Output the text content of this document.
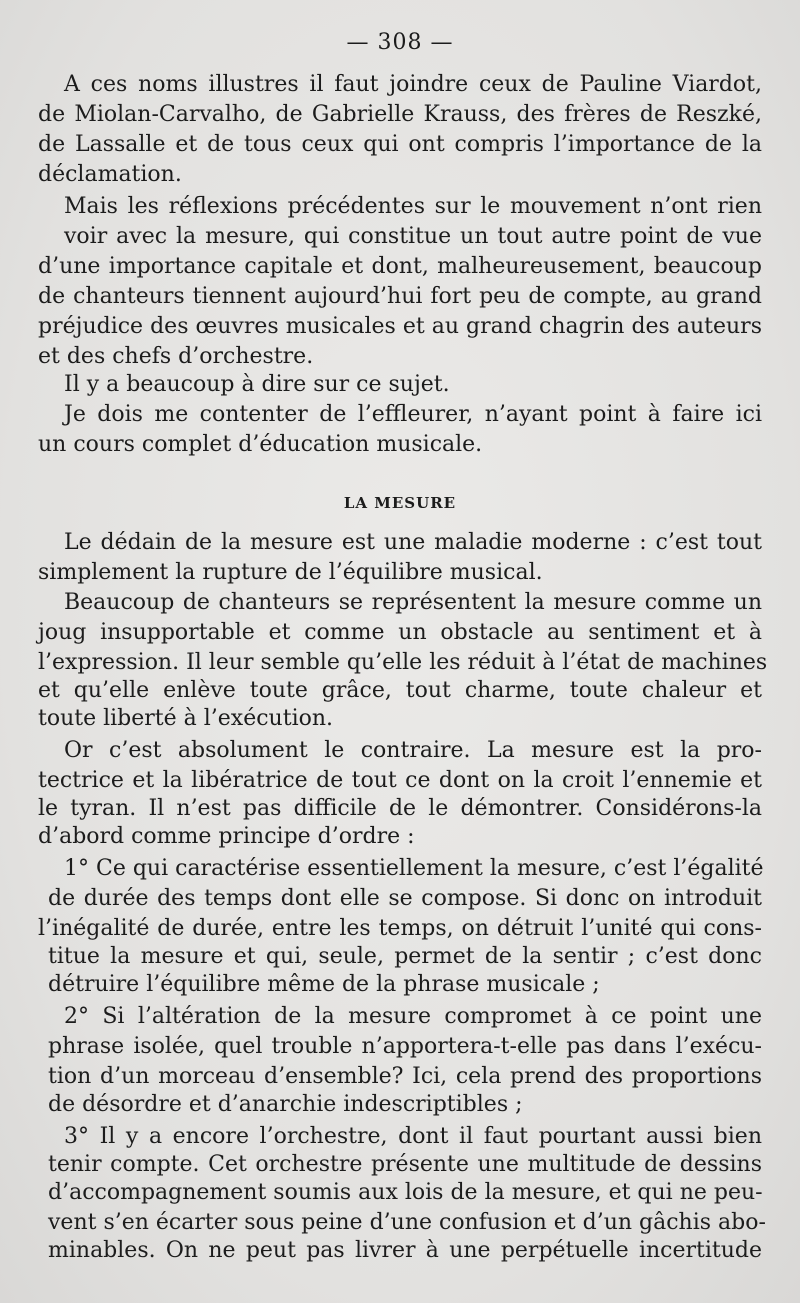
— 308 —
A ces noms illustres il faut joindre ceux de Pauline Viardot,
de Miolan-Carvalho, de Gabrielle Krauss, des frères de Reszké,
de Lassalle et de tous ceux qui ont compris l’importance de la
déclamation.
Mais les réflexions précédentes sur le mouvement n’ont rien
voir avec la mesure, qui constitue un tout autre point de vue
d’une importance capitale et dont, malheureusement, beaucoup
de chanteurs tiennent aujourd’hui fort peu de compte, au grand
préjudice des œuvres musicales et au grand chagrin des auteurs
et des chefs d’orchestre.
Il y a beaucoup à dire sur ce sujet.
Je dois me contenter de l’effleurer, n’ayant point à faire ici
un cours complet d’éducation musicale.
LA MESURE
Le dédain de la mesure est une maladie moderne : c’est tout
simplement la rupture de l’équilibre musical.
Beaucoup de chanteurs se représentent la mesure comme un
joug insupportable et comme un obstacle au sentiment et à
l’expression. Il leur semble qu’elle les réduit à l’état de machines
et qu’elle enlève toute grâce, tout charme, toute chaleur et
toute liberté à l’exécution.
Or c’est absolument le contraire. La mesure est la pro-
tectrice et la libératrice de tout ce dont on la croit l’ennemie et
le tyran. Il n’est pas difficile de le démontrer. Considérons-la
d’abord comme principe d’ordre :
1° Ce qui caractérise essentiellement la mesure, c’est l’égalité
de durée des temps dont elle se compose. Si donc on introduit
l’inégalité de durée, entre les temps, on détruit l’unité qui cons-
titue la mesure et qui, seule, permet de la sentir ; c’est donc
détruire l’équilibre même de la phrase musicale ;
2° Si l’altération de la mesure compromet à ce point une
phrase isolée, quel trouble n’apportera-t-elle pas dans l’exécu-
tion d’un morceau d’ensemble? Ici, cela prend des proportions
de désordre et d’anarchie indescriptibles ;
3° Il y a encore l’orchestre, dont il faut pourtant aussi bien
tenir compte. Cet orchestre présente une multitude de dessins
d’accompagnement soumis aux lois de la mesure, et qui ne peu-
vent s’en écarter sous peine d’une confusion et d’un gâchis abo-
minables. On ne peut pas livrer à une perpétuelle incertitude
